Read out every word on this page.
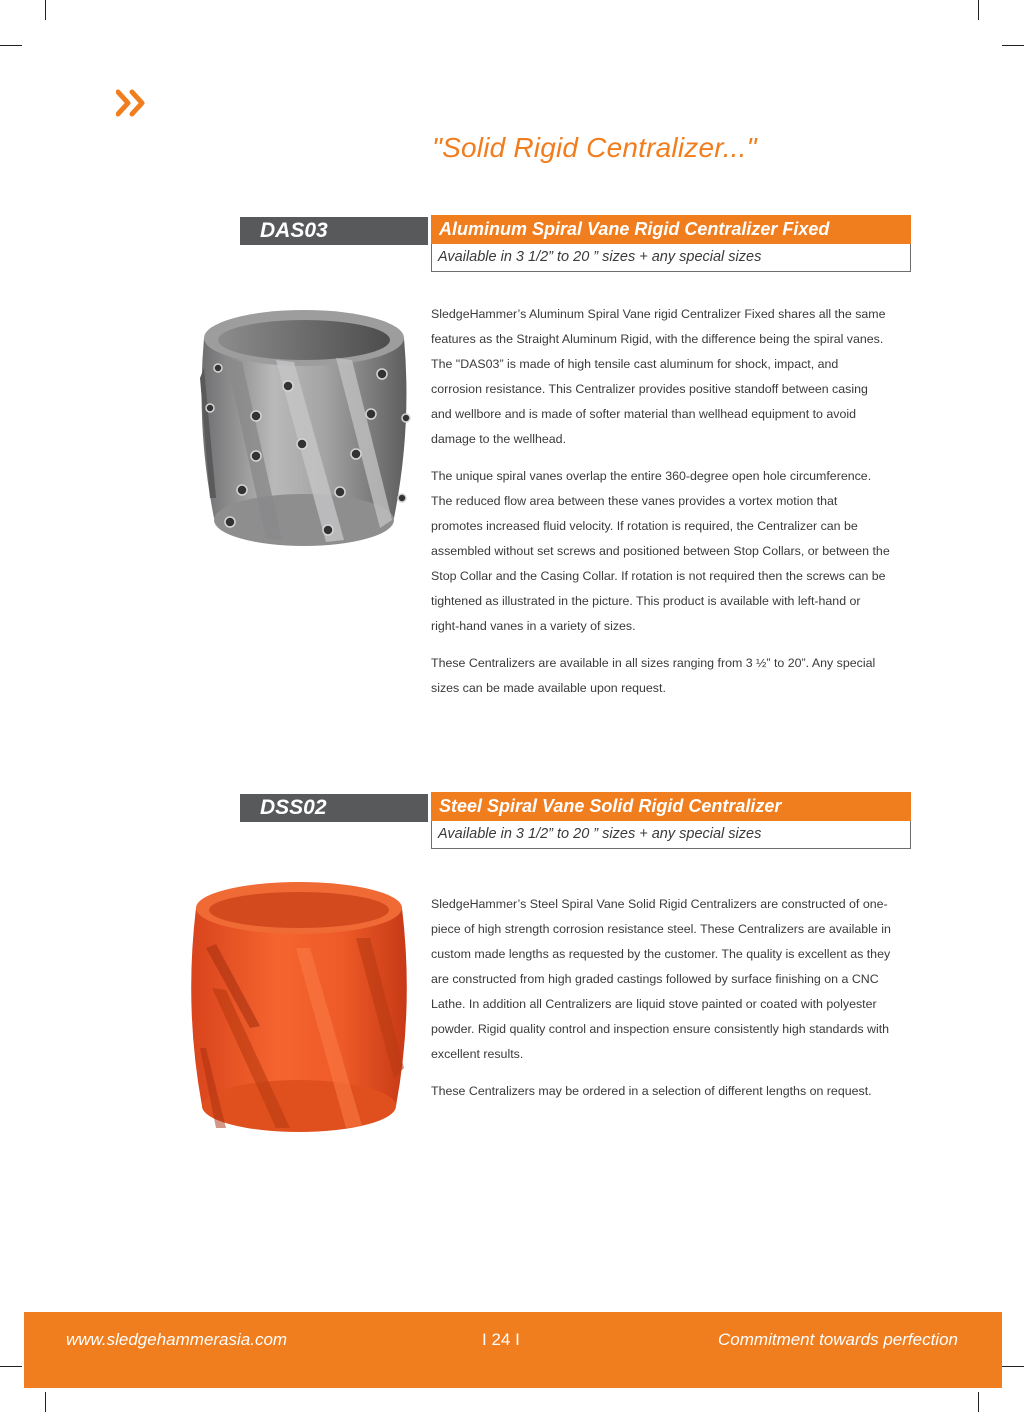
"Solid Rigid Centralizer..."
DAS03	Aluminum Spiral Vane Rigid Centralizer Fixed
Available in 3 1/2” to 20 ” sizes + any special sizes

SledgeHammer’s Aluminum Spiral Vane rigid Centralizer Fixed shares all the same features as the Straight Aluminum Rigid, with the difference being the spiral vanes. The "DAS03” is made of high tensile cast aluminum for shock, impact, and corrosion resistance. This Centralizer provides positive standoff between casing and wellbore and is made of softer material than wellhead equipment to avoid damage to the wellhead.

The unique spiral vanes overlap the entire 360-degree open hole circumference. The reduced flow area between these vanes provides a vortex motion that promotes increased fluid velocity. If rotation is required, the Centralizer can be assembled without set screws and positioned between Stop Collars, or between the Stop Collar and the Casing Collar. If rotation is not required then the screws can be tightened as illustrated in the picture. This product is available with left-hand or right-hand vanes in a variety of sizes.

These Centralizers are available in all sizes ranging from 3 ½” to 20”. Any special sizes can be made available upon request.

DSS02	Steel Spiral Vane Solid Rigid Centralizer
Available in 3 1/2” to 20 ” sizes + any special sizes

SledgeHammer’s Steel Spiral Vane Solid Rigid Centralizers are constructed of one-piece of high strength corrosion resistance steel. These Centralizers are available in custom made lengths as requested by the customer. The quality is excellent as they are constructed from high graded castings followed by surface finishing on a CNC Lathe. In addition all Centralizers are liquid stove painted or coated with polyester powder. Rigid quality control and inspection ensure consistently high standards with excellent results.

These Centralizers may be ordered in a selection of different lengths on request.

www.sledgehammerasia.com	I 24 I	Commitment towards perfection
